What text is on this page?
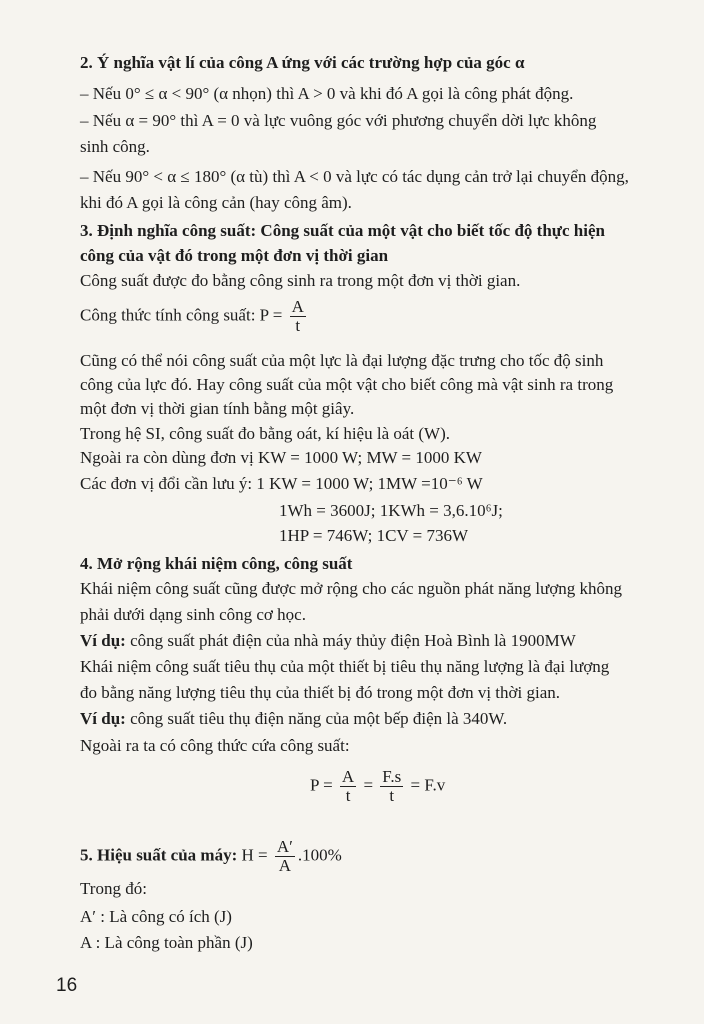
2. Ý nghĩa vật lí của công A ứng với các trường hợp của góc α
– Nếu 0° ≤ α < 90° (α nhọn) thì A > 0 và khi đó A gọi là công phát động.
– Nếu α = 90° thì A = 0 và lực vuông góc với phương chuyển dời lực không
sinh công.
– Nếu 90° < α ≤ 180° (α tù) thì A < 0 và lực có tác dụng cản trở lại chuyển động,
khi đó A gọi là công cản (hay công âm).
3. Định nghĩa công suất: Công suất của một vật cho biết tốc độ thực hiện
công của vật đó trong một đơn vị thời gian
Công suất được đo bằng công sinh ra trong một đơn vị thời gian.
Công thức tính công suất: $P = \frac{A}{t}$
Cũng có thể nói công suất của một lực là đại lượng đặc trưng cho tốc độ sinh
công của lực đó. Hay công suất của một vật cho biết công mà vật sinh ra trong
một đơn vị thời gian tính bằng một giây.
Trong hệ SI, công suất đo bằng oát, kí hiệu là oát (W).
Ngoài ra còn dùng đơn vị KW = 1000 W; MW = 1000 KW
Các đơn vị đổi cần lưu ý: 1 KW = 1000 W; 1MW =10⁻⁶ W
1Wh = 3600J; 1KWh = 3,6.10⁶J;
1HP = 746W; 1CV = 736W
4. Mở rộng khái niệm công, công suất
Khái niệm công suất cũng được mở rộng cho các nguồn phát năng lượng không
phải dưới dạng sinh công cơ học.
Ví dụ: công suất phát điện của nhà máy thủy điện Hoà Bình là 1900MW
Khái niệm công suất tiêu thụ của một thiết bị tiêu thụ năng lượng là đại lượng
đo bằng năng lượng tiêu thụ của thiết bị đó trong một đơn vị thời gian.
Ví dụ: công suất tiêu thụ điện năng của một bếp điện là 340W.
Ngoài ra ta có công thức cứa công suất:
$P = \frac{A}{t} = \frac{F.s}{t} = F.v$
5. Hiệu suất của máy: $H = \frac{A'}{A} .100\%$
Trong đó:
A′ : Là công có ích (J)
A : Là công toàn phần (J)
16
